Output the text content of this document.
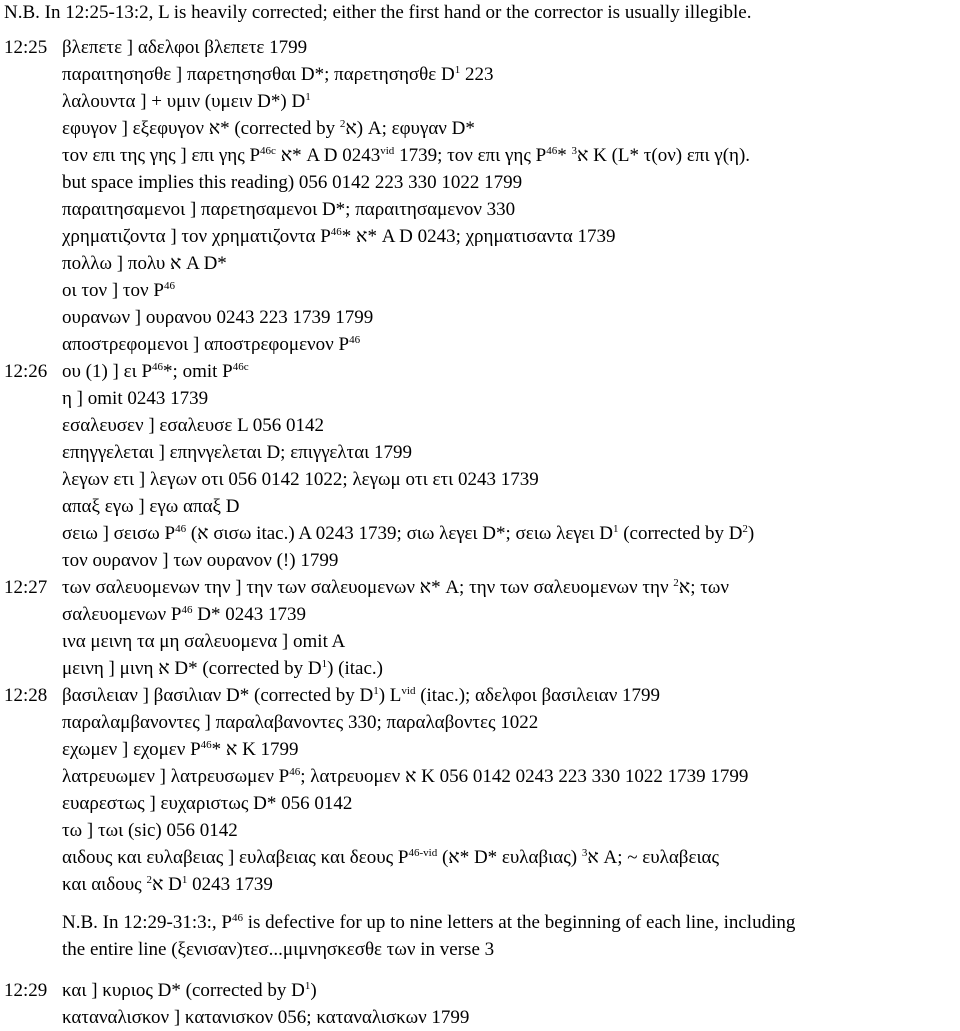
N.B. In 12:25-13:2, L is heavily corrected; either the first hand or the corrector is usually illegible.
12:25 βλεπετε ] αδελφοι βλεπετε 1799
παραιτησησθε ] παρετησησθαι D*; παρετησησθε $D^1$ 223
λαλουντα ] + υμιν (υμειν D*) $D^1$
εφυγον ] εξεφυγον א* (corrected by א$^2$ ) A; εφυγαν D*
τον επι της γης ] επι γης $P^{46c}$ א* A D $0243^{vid}$ 1739; τον επι γης $P^{46}*$ א$^3$ K (L* τ(ον) επι γ(η).
but space implies this reading) 056 0142 223 330 1022 1799
παραιτησαμενοι ] παρετησαμενοι D*; παραιτησαμενον 330
χρηματιζοντα ] τον χρηματιζοντα $P^{46}*$ א* A D 0243; χρηματισαντα 1739
πολλω ] πολυ א A D*
οι τον ] τον $P^{46}$
ουρανων ] ουρανου 0243 223 1739 1799
αποστρεφομενοι ] αποστρεφομενον $P^{46}$
12:26 ου (1) ] ει $P^{46}*$; omit $P^{46c}$
η ] omit 0243 1739
εσαλευσεν ] εσαλευσε L 056 0142
επηγγελεται ] επηνγελεται D; επιγγελται 1799
λεγων ετι ] λεγων οτι 056 0142 1022; λεγωμ οτι ετι 0243 1739
απαξ εγω ] εγω απαξ D
σειω ] σεισω $P^{46}$ (א σισω itac.) A 0243 1739; σιω λεγει D*; σειω λεγει $D^1$ (corrected by $D^2$)
τον ουρανον ] των ουρανον (!) 1799
12:27 των σαλευομενων την ] την των σαλευομενων א* A; την των σαλευομενων την א$^2$ ; των
σαλευομενων $P^{46}$ D* 0243 1739
ινα μεινη τα μη σαλευομενα ] omit A
μεινη ] μινη א D* (corrected by $D^1$) (itac.)
12:28 βασιλειαν ] βασιλιαν D* (corrected by $D^1$) $L^{vid}$ (itac.); αδελφοι βασιλειαν 1799
παραλαμβανοντες ] παραλαβανοντες 330; παραλαβοντες 1022
εχωμεν ] εχομεν $P^{46}*$ א K 1799
λατρευωμεν ] λατρευσωμεν $P^{46}$; λατρευομεν א K 056 0142 0243 223 330 1022 1739 1799
ευαρεστως ] ευχαριστως D* 056 0142
τω ] τωι (sic) 056 0142
αιδους και ευλαβειας ] ευλαβειας και δεους $P^{46-vid}$ (א* D* ευλαβιας) א$^3$ A; ~ ευλαβειας
και αιδους א$^2$ $D^1$ 0243 1739
N.B. In 12:29-31:3:, $P^{46}$ is defective for up to nine letters at the beginning of each line, including
the entire line (ξενισαν)τεσ...μιμνησκεσθε των in verse 3
12:29 και ] κυριος D* (corrected by $D^1$)
καταναλισκον ] κατανισκον 056; καταναλισκων 1799
